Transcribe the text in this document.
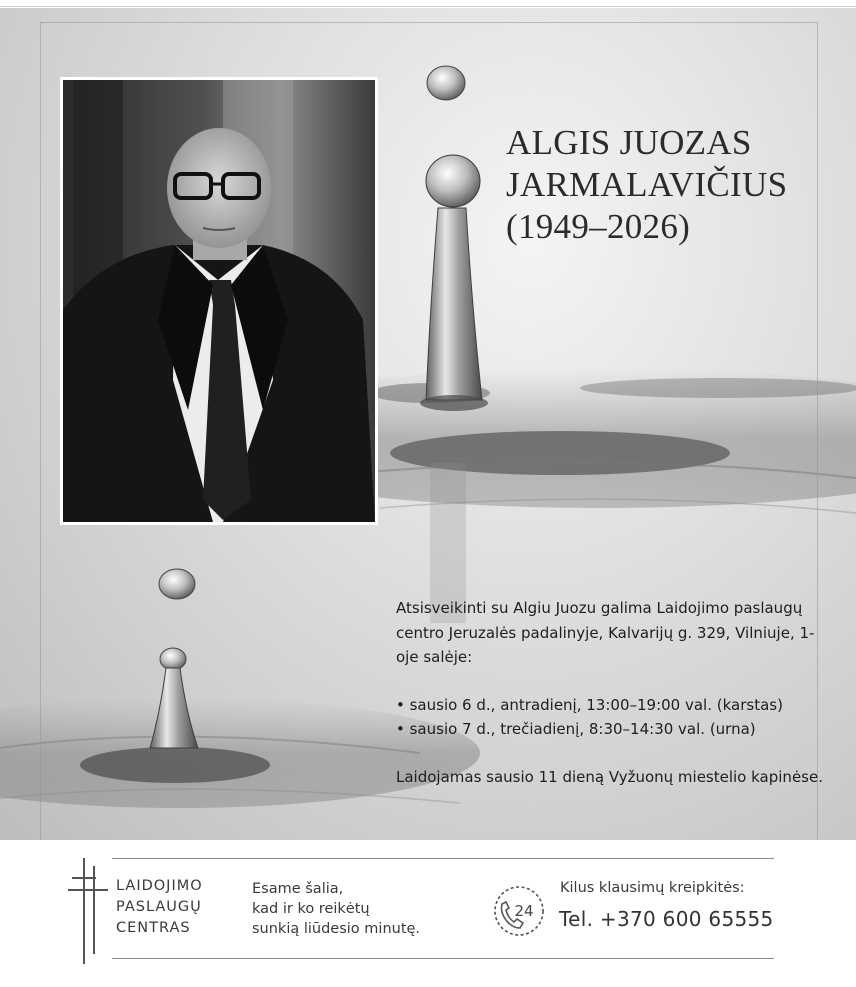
ALGIS JUOZAS
JARMALAVIČIUS
(1949–2026)

Atsisveikinti su Algiu Juozu galima Laidojimo paslaugų centro Jeruzalės padalinyje, Kalvarijų g. 329, Vilniuje, 1-oje salėje:

• sausio 6 d., antradienį, 13:00–19:00 val. (karstas)

• sausio 7 d., trečiadienį, 8:30–14:30 val. (urna)

Laidojamas sausio 11 dieną Vyžuonų miestelio kapinėse.

LAIDOJIMO
PASLAUGŲ
CENTRAS
Esame šalia,
kad ir ko reikėtų
sunkią liūdesio minutę.
24
Kilus klausimų kreipkitės:
Tel. +370 600 65555
